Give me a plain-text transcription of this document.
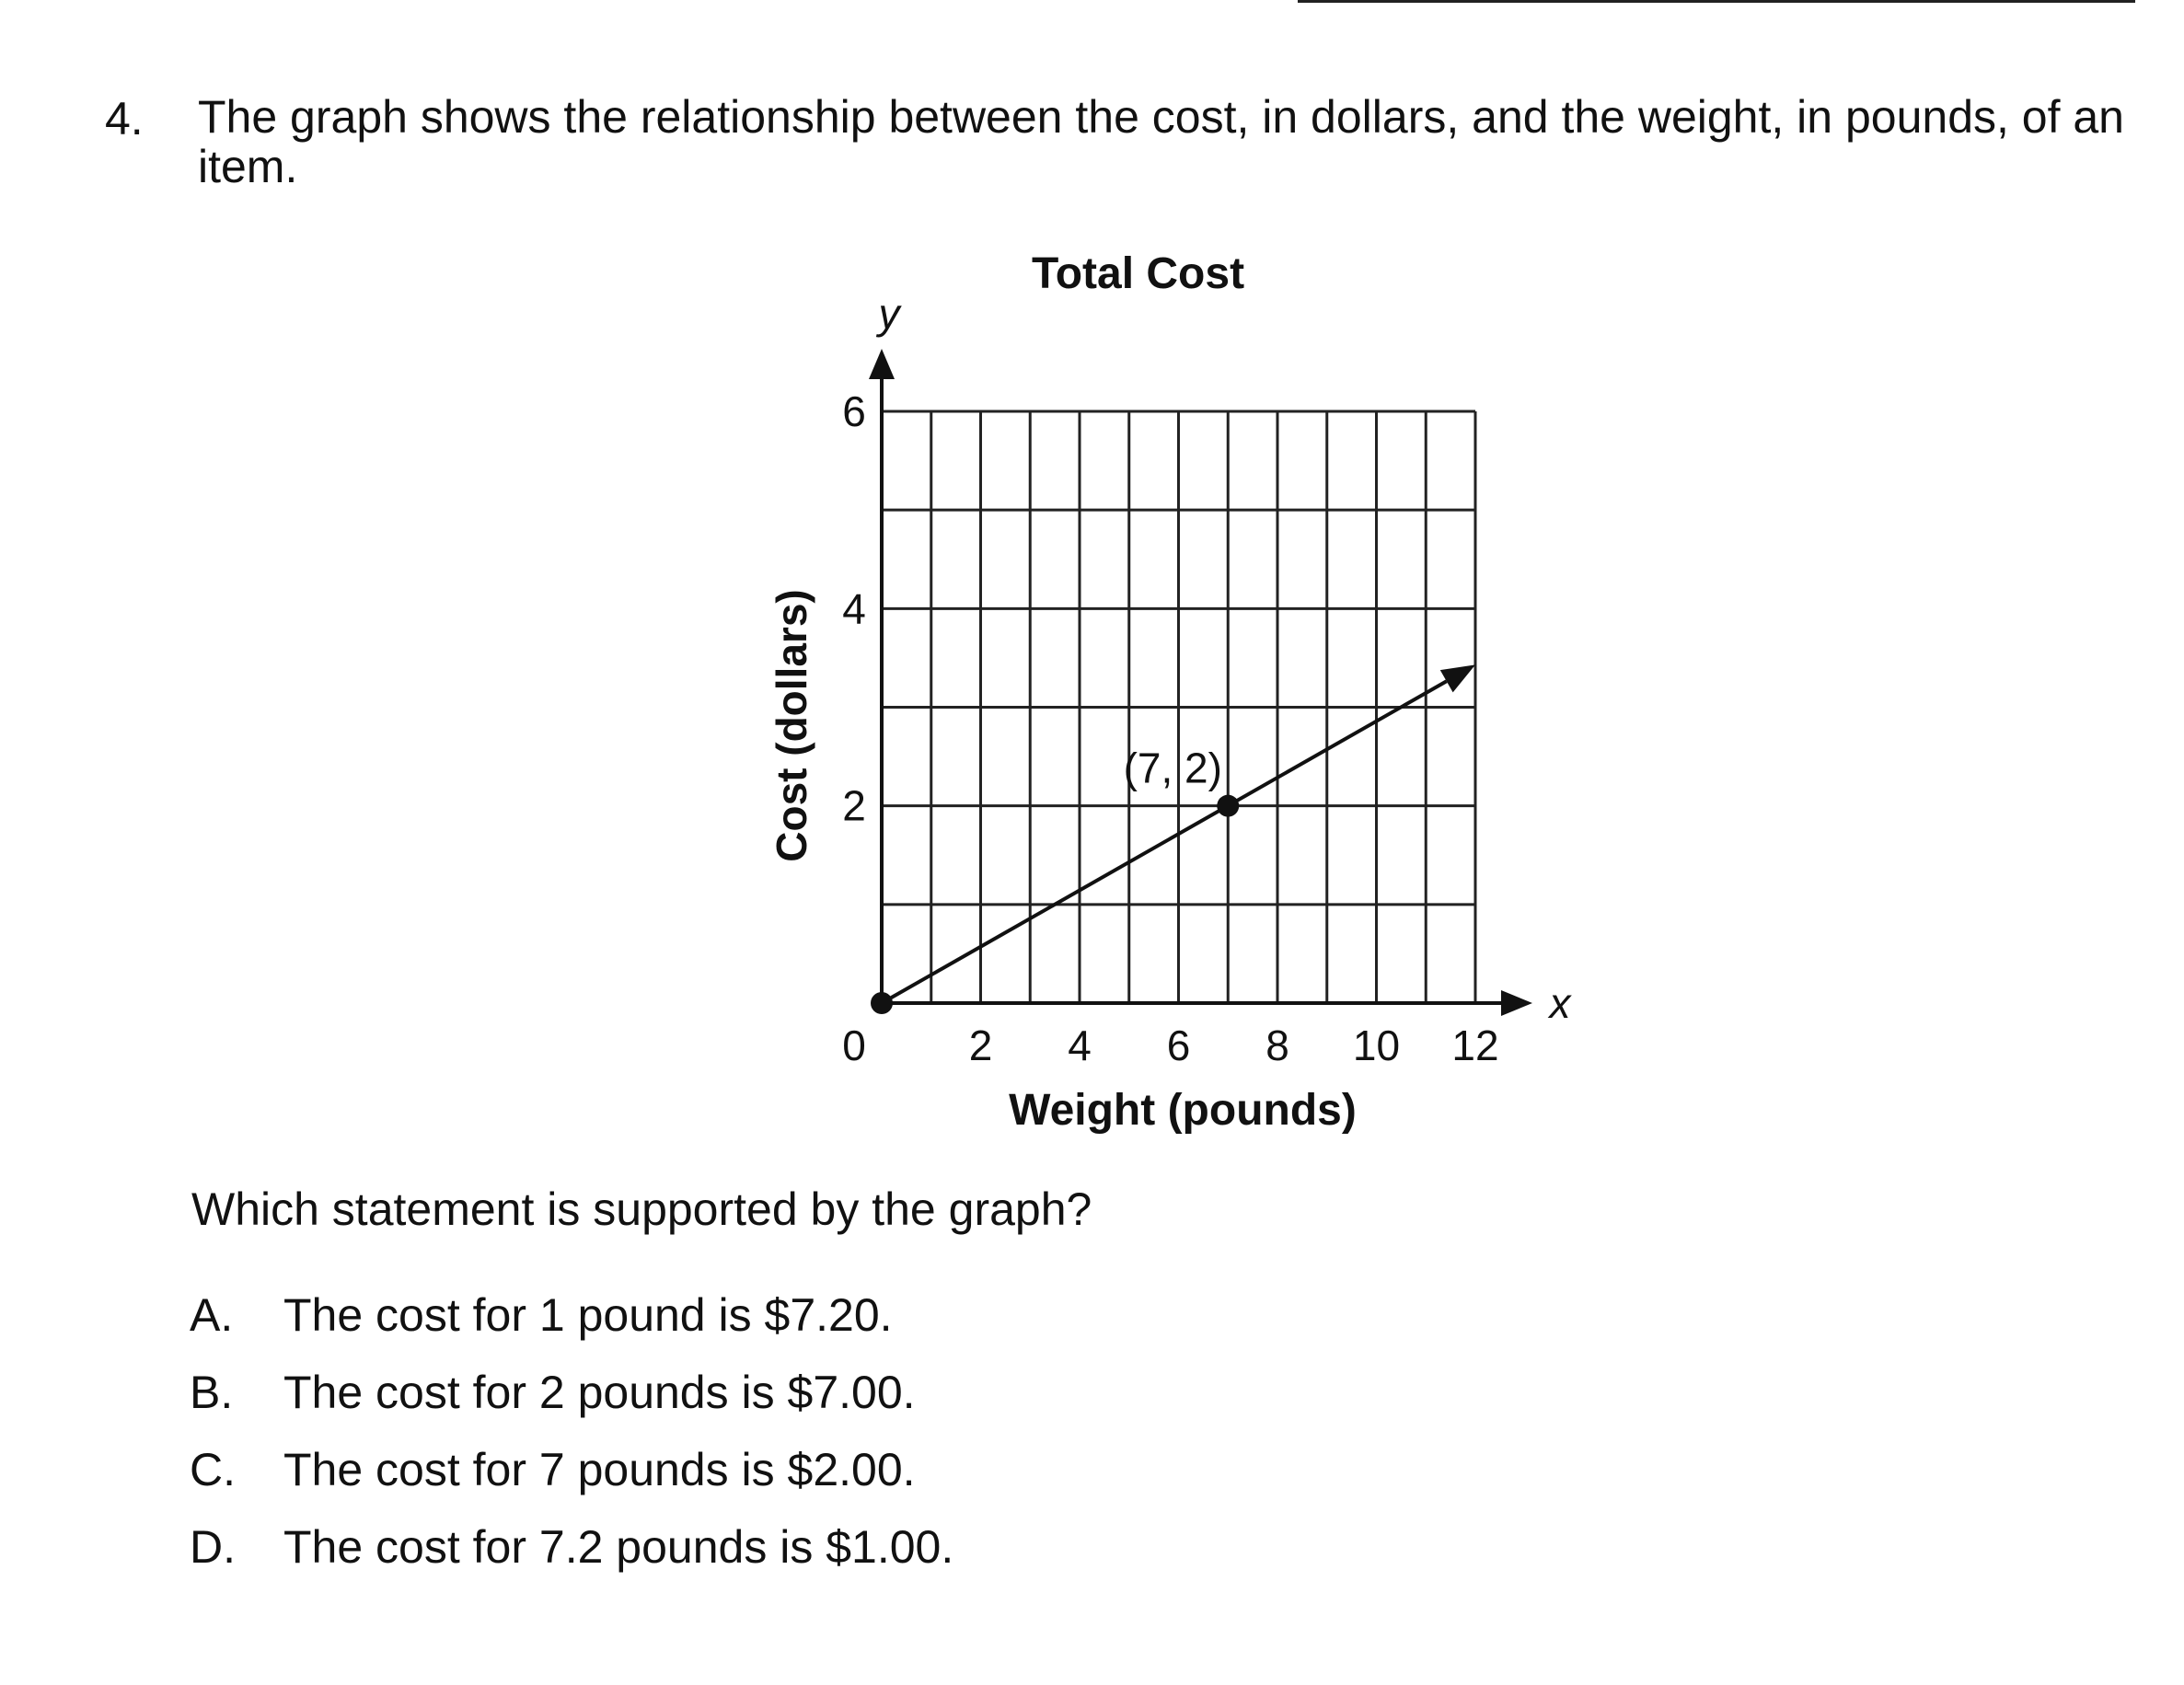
4. The graph shows the relationship between the cost, in dollars, and the weight, in pounds, of an item.
Total Cost
(7, 2)
0 2 4 6 8 10 12
2
4
6
y
x
Weight (pounds)
Cost (dollars)
Which statement is supported by the graph?
A. The cost for 1 pound is $7.20.
B. The cost for 2 pounds is $7.00.
C. The cost for 7 pounds is $2.00.
D. The cost for 7.2 pounds is $1.00.
